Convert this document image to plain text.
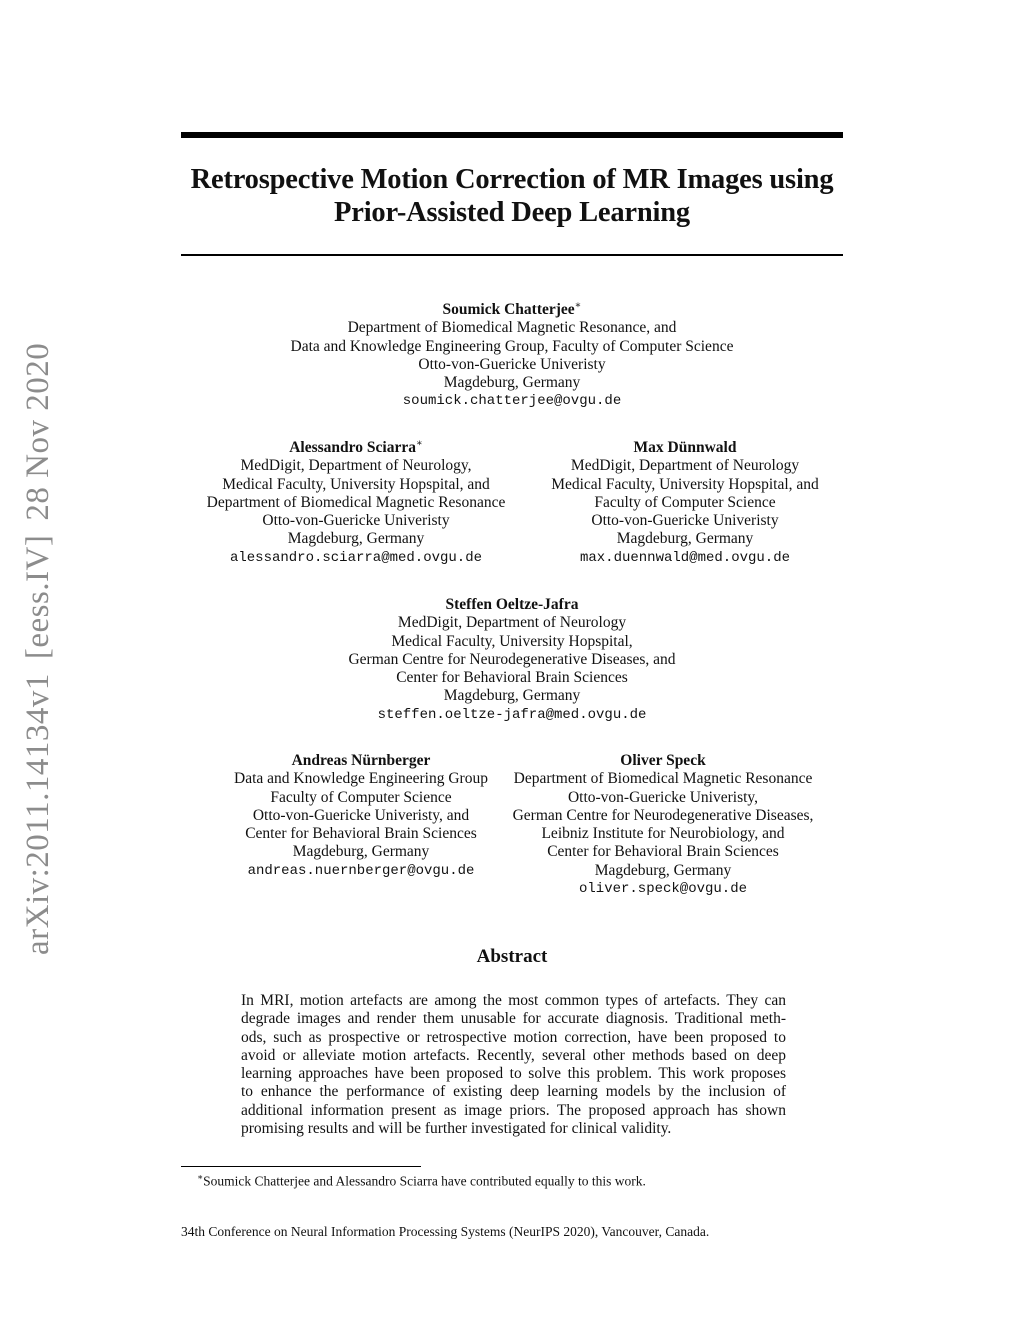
arXiv:2011.14134v1[eess.IV]28 Nov 2020
Retrospective Motion Correction of MR Images using
Prior-Assisted Deep Learning
Soumick Chatterjee∗
Department of Biomedical Magnetic Resonance, and
Data and Knowledge Engineering Group, Faculty of Computer Science
Otto-von-Guericke Univeristy
Magdeburg, Germany
soumick.chatterjee@ovgu.de
Alessandro Sciarra∗
MedDigit, Department of Neurology,
Medical Faculty, University Hopspital, and
Department of Biomedical Magnetic Resonance
Otto-von-Guericke Univeristy
Magdeburg, Germany
alessandro.sciarra@med.ovgu.de
Max Dünnwald
MedDigit, Department of Neurology
Medical Faculty, University Hopspital, and
Faculty of Computer Science
Otto-von-Guericke Univeristy
Magdeburg, Germany
max.duennwald@med.ovgu.de
Steffen Oeltze-Jafra
MedDigit, Department of Neurology
Medical Faculty, University Hopspital,
German Centre for Neurodegenerative Diseases, and
Center for Behavioral Brain Sciences
Magdeburg, Germany
steffen.oeltze-jafra@med.ovgu.de
Andreas Nürnberger
Data and Knowledge Engineering Group
Faculty of Computer Science
Otto-von-Guericke Univeristy, and
Center for Behavioral Brain Sciences
Magdeburg, Germany
andreas.nuernberger@ovgu.de
Oliver Speck
Department of Biomedical Magnetic Resonance
Otto-von-Guericke Univeristy,
German Centre for Neurodegenerative Diseases,
Leibniz Institute for Neurobiology, and
Center for Behavioral Brain Sciences
Magdeburg, Germany
oliver.speck@ovgu.de
Abstract
In MRI, motion artefacts are among the most common types of artefacts. They can
degrade images and render them unusable for accurate diagnosis. Traditional meth-
ods, such as prospective or retrospective motion correction, have been proposed to
avoid or alleviate motion artefacts. Recently, several other methods based on deep
learning approaches have been proposed to solve this problem. This work proposes
to enhance the performance of existing deep learning models by the inclusion of
additional information present as image priors. The proposed approach has shown
promising results and will be further investigated for clinical validity.
∗Soumick Chatterjee and Alessandro Sciarra have contributed equally to this work.
34th Conference on Neural Information Processing Systems (NeurIPS 2020), Vancouver, Canada.
